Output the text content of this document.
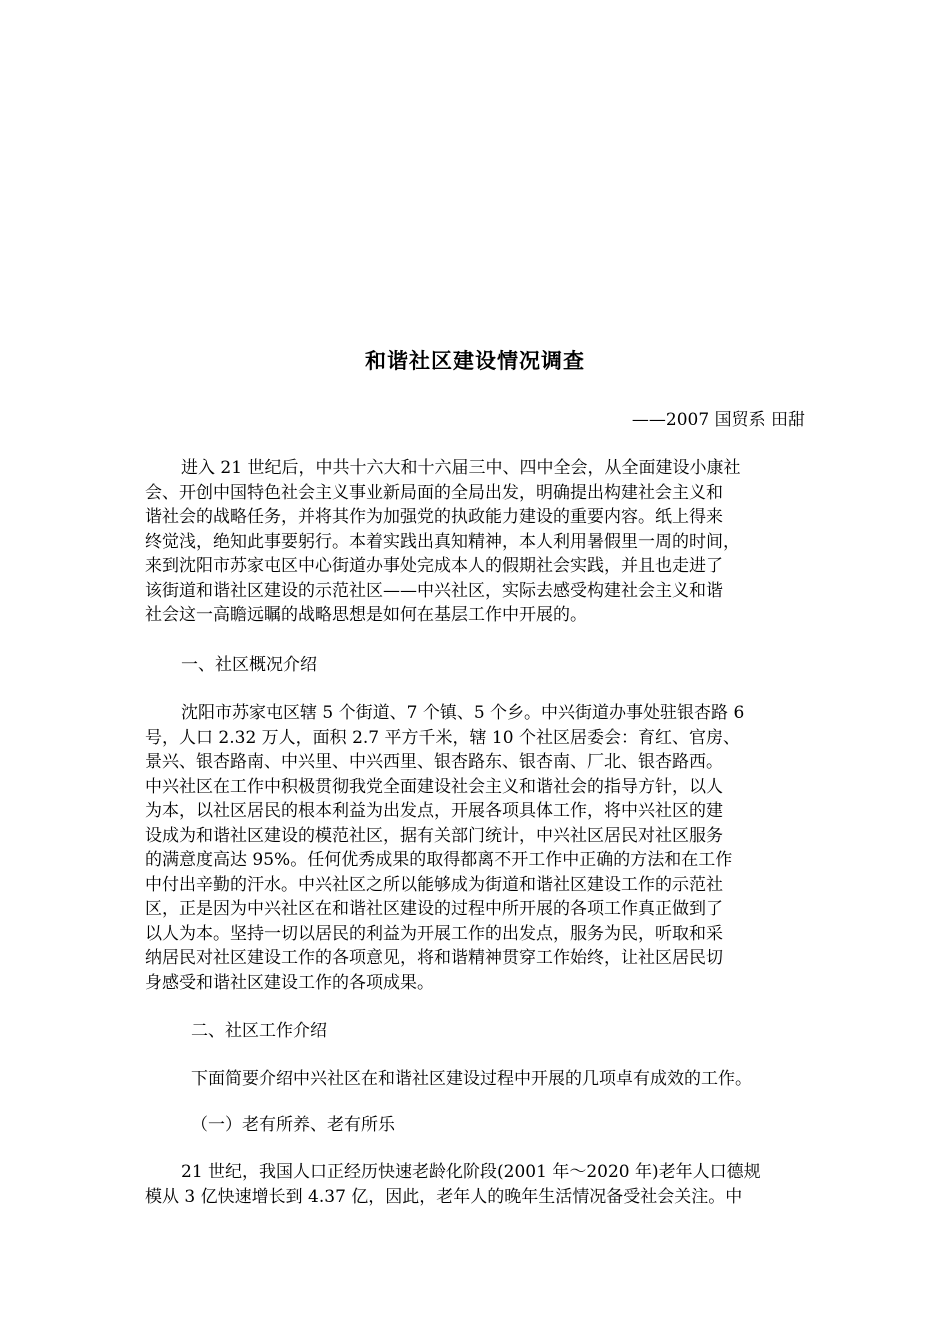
和谐社区建设情况调查
——2007 国贸系 田甜
进入 21 世纪后，中共十六大和十六届三中、四中全会，从全面建设小康社
会、开创中国特色社会主义事业新局面的全局出发，明确提出构建社会主义和
谐社会的战略任务，并将其作为加强党的执政能力建设的重要内容。纸上得来
终觉浅，绝知此事要躬行。本着实践出真知精神，本人利用暑假里一周的时间，
来到沈阳市苏家屯区中心街道办事处完成本人的假期社会实践，并且也走进了
该街道和谐社区建设的示范社区——中兴社区，实际去感受构建社会主义和谐
社会这一高瞻远瞩的战略思想是如何在基层工作中开展的。
一、社区概况介绍
沈阳市苏家屯区辖 5 个街道、7 个镇、5 个乡。中兴街道办事处驻银杏路 6
号，人口 2.32 万人，面积 2.7 平方千米，辖 10 个社区居委会：育红、官房、
景兴、银杏路南、中兴里、中兴西里、银杏路东、银杏南、厂北、银杏路西。
中兴社区在工作中积极贯彻我党全面建设社会主义和谐社会的指导方针，以人
为本，以社区居民的根本利益为出发点，开展各项具体工作，将中兴社区的建
设成为和谐社区建设的模范社区，据有关部门统计，中兴社区居民对社区服务
的满意度高达 95%。任何优秀成果的取得都离不开工作中正确的方法和在工作
中付出辛勤的汗水。中兴社区之所以能够成为街道和谐社区建设工作的示范社
区，正是因为中兴社区在和谐社区建设的过程中所开展的各项工作真正做到了
以人为本。坚持一切以居民的利益为开展工作的出发点，服务为民，听取和采
纳居民对社区建设工作的各项意见，将和谐精神贯穿工作始终，让社区居民切
身感受和谐社区建设工作的各项成果。
二、社区工作介绍
下面简要介绍中兴社区在和谐社区建设过程中开展的几项卓有成效的工作。
（一）老有所养、老有所乐
21 世纪，我国人口正经历快速老龄化阶段(2001 年～2020 年)老年人口德规
模从 3 亿快速增长到 4.37 亿，因此，老年人的晚年生活情况备受社会关注。中
